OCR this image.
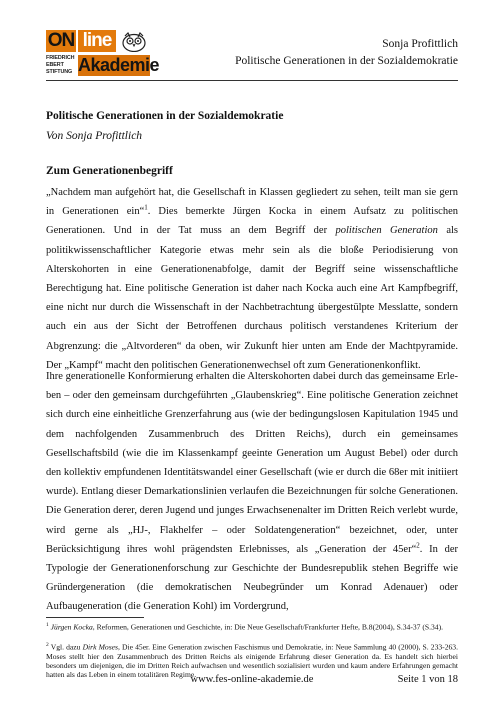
ON line
FRIEDRICH
EBERT
STIFTUNG Akademie
Sonja Profittlich
Politische Generationen in der Sozialdemokratie
Politische Generationen in der Sozialdemokratie
Von Sonja Profittlich
Zum Generationenbegriff
„Nachdem man aufgehört hat, die Gesellschaft in Klassen gegliedert zu sehen, teilt man sie gern in Generationen ein“$^1$. Dies bemerkte Jürgen Kocka in einem Aufsatz zu politischen Generationen. Und in der Tat muss an dem Begriff der politischen Generation als politikwissenschaftlicher Kategorie etwas mehr sein als die bloße Periodisierung von Alterskohorten in eine Generationenabfolge, damit der Begriff seine wissenschaftliche Berechtigung hat. Eine politische Generation ist daher nach Kocka auch eine Art Kampfbegriff, eine nicht nur durch die Wissenschaft in der Nachbetrachtung übergestülpte Messlatte, sondern auch ein aus der Sicht der Betroffenen durchaus politisch verstandenes Kriterium der Abgrenzung: die „Altvorderen“ da oben, wir Zukunft hier unten am Ende der Machtpyramide. Der „Kampf“ macht den politischen Generationenwechsel oft zum Generationenkonflikt.
Ihre generationelle Konformierung erhalten die Alterskohorten dabei durch das gemeinsame Erleben – oder den gemeinsam durchgeführten „Glaubenskrieg“. Eine politische Generation zeichnet sich durch eine einheitliche Grenzerfahrung aus (wie der bedingungslosen Kapitulation 1945 und dem nachfolgenden Zusammenbruch des Dritten Reichs), durch ein gemeinsames Gesellschaftsbild (wie die im Klassenkampf geeinte Generation um August Bebel) oder durch den kollektiv empfundenen Identitätswandel einer Gesellschaft (wie er durch die 68er mit initiiert wurde). Entlang dieser Demarkationslinien verlaufen die Bezeichnungen für solche Generationen. Die Generation derer, deren Jugend und junges Erwachsenenalter im Dritten Reich verlebt wurde, wird gerne als „HJ-, Flakhelfer – oder Soldatengeneration“ bezeichnet, oder, unter Berücksichtigung ihres wohl prägendsten Erlebnisses, als „Generation der 45er“$^2$. In der Typologie der Generationenforschung zur Geschichte der Bundesrepublik stehen Begriffe wie Gründergeneration (die demokratischen Neubegründer um Konrad Adenauer) oder Aufbaugeneration (die Generation Kohl) im Vordergrund,
$^1$ Jürgen Kocka, Reformen, Generationen und Geschichte, in: Die Neue Gesellschaft/Frankfurter Hefte, B.8(2004), S.34-37 (S.34).
$^2$ Vgl. dazu Dirk Moses, Die 45er. Eine Generation zwischen Faschismus und Demokratie, in: Neue Sammlung 40 (2000), S. 233-263. Moses stellt hier den Zusammenbruch des Dritten Reichs als einigende Erfahrung dieser Generation da. Es handelt sich hierbei besonders um diejenigen, die im Dritten Reich aufwachsen und wesentlich sozialisiert wurden und kaum andere Erfahrungen gemacht hatten als das Leben in einem totalitären Regime.
www.fes-online-akademie.de	Seite 1 von 18
